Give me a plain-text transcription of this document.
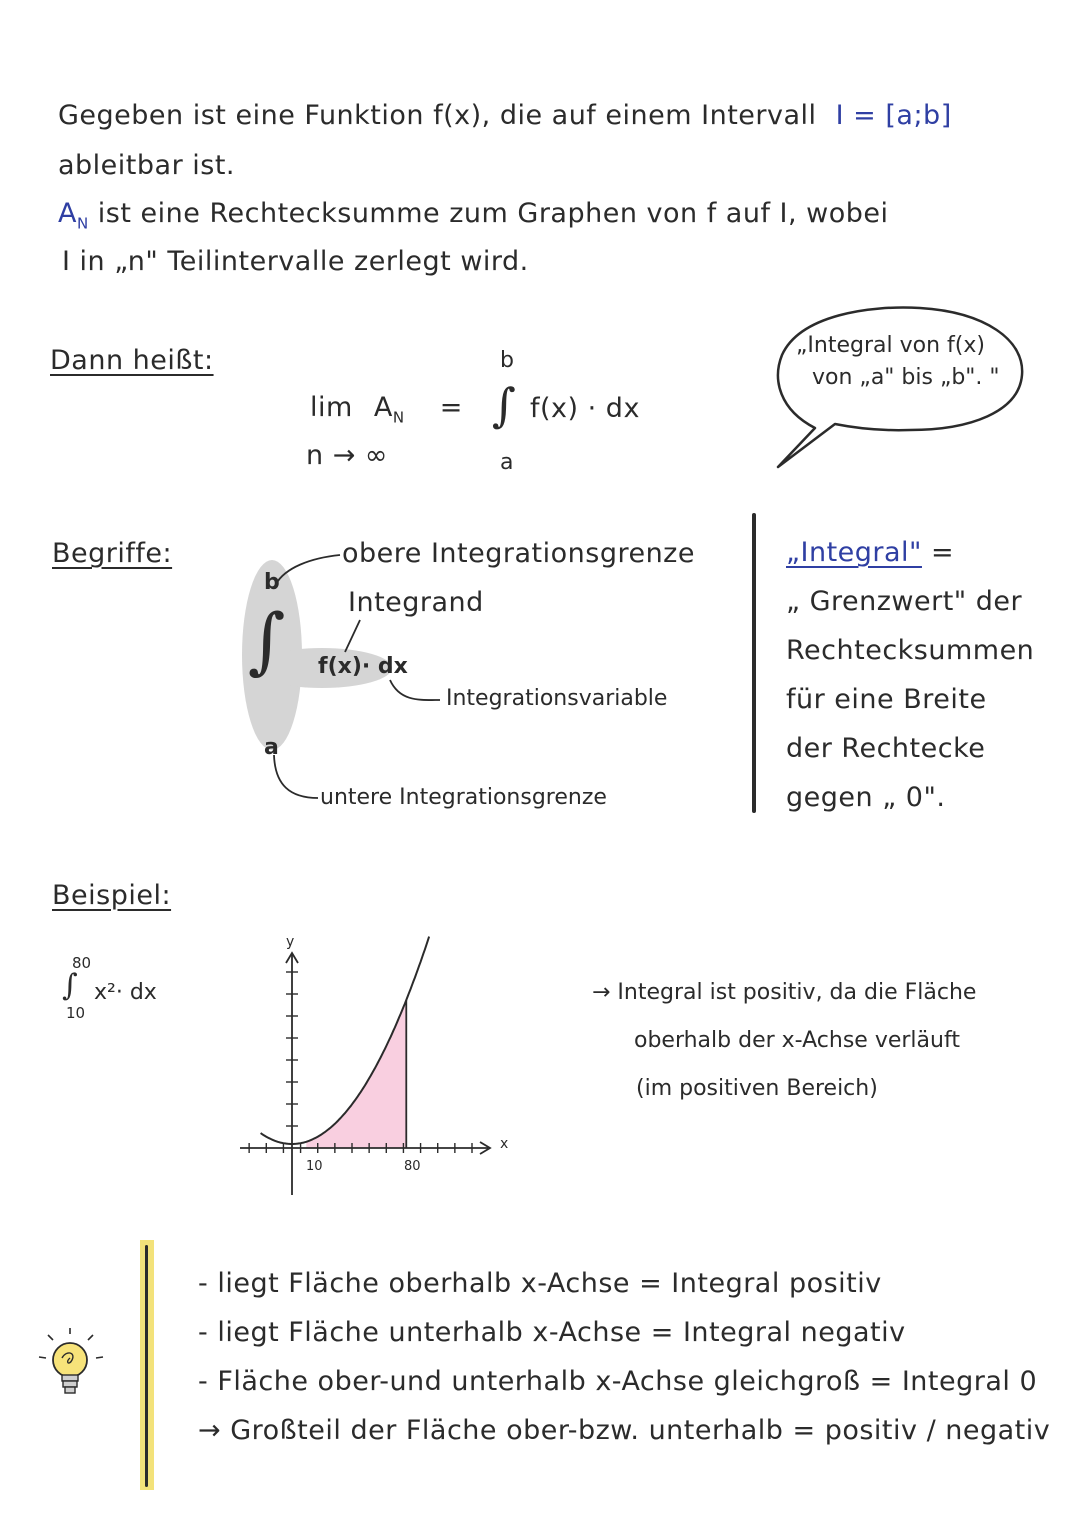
Gegeben ist eine Funktion f(x), die auf einem Intervall I = [a;b]
ableitbar ist.
$A_N$ ist eine Rechtecksumme zum Graphen von f auf I, wobei
I in „n" Teilintervalle zerlegt wird.
Dann heißt:
$\lim A_N$ =
n → ∞
b
∫ f(x) · dx
a
„Integral von f(x)
von „a" bis „b". "
Begriffe:
b
∫ f(x)· dx
a
obere Integrationsgrenze
Integrand
Integrationsvariable
untere Integrationsgrenze
„Integral" =
„ Grenzwert" der
Rechtecksummen
für eine Breite
der Rechtecke
gegen „ 0".
Beispiel:
80
∫
10
x²· dx
y
x
10	80
→ Integral ist positiv, da die Fläche
oberhalb der x-Achse verläuft
(im positiven Bereich)
- liegt Fläche oberhalb x-Achse = Integral positiv
- liegt Fläche unterhalb x-Achse = Integral negativ
- Fläche ober-und unterhalb x-Achse gleichgroß = Integral 0
→ Großteil der Fläche ober-bzw. unterhalb = positiv / negativ
